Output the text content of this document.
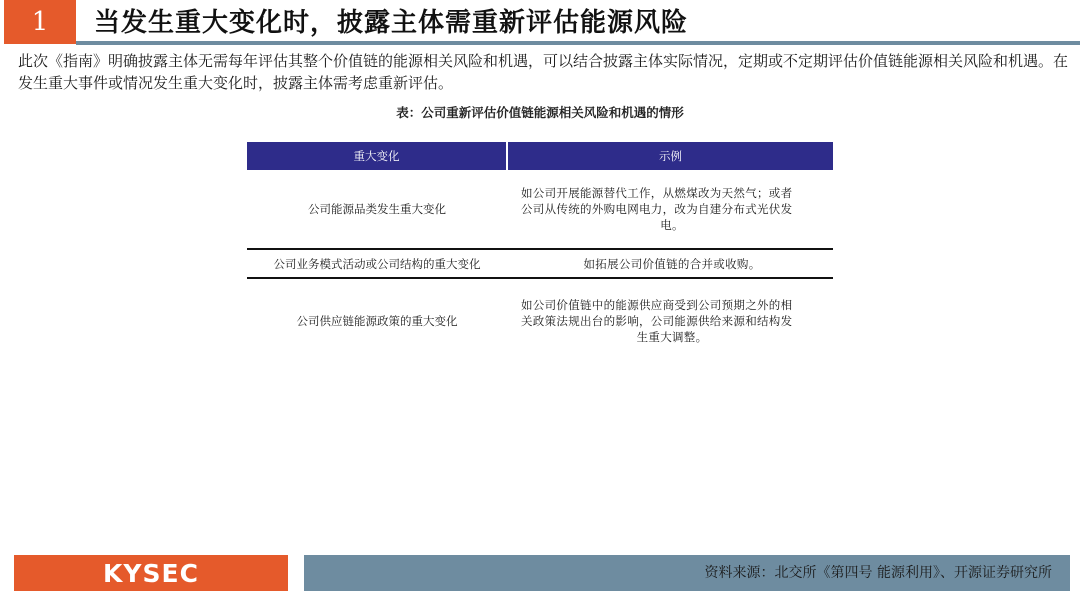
1	当发生重大变化时，披露主体需重新评估能源风险
此次《指南》明确披露主体无需每年评估其整个价值链的能源相关风险和机遇，可以结合披露主体实际情况，定期或不定期评估价值链能源相关风险和机遇。在发生重大事件或情况发生重大变化时，披露主体需考虑重新评估。
表：公司重新评估价值链能源相关风险和机遇的情形
重大变化	示例
公司能源品类发生重大变化	如公司开展能源替代工作，从燃煤改为天然气；或者
公司从传统的外购电网电力，改为自建分布式光伏发
电。

公司业务模式活动或公司结构的重大变化	如拓展公司价值链的合并或收购。

公司供应链能源政策的重大变化	如公司价值链中的能源供应商受到公司预期之外的相
关政策法规出台的影响，公司能源供给来源和结构发
生重大调整。
KYSEC	资料来源：北交所《第四号 能源利用》、开源证券研究所
